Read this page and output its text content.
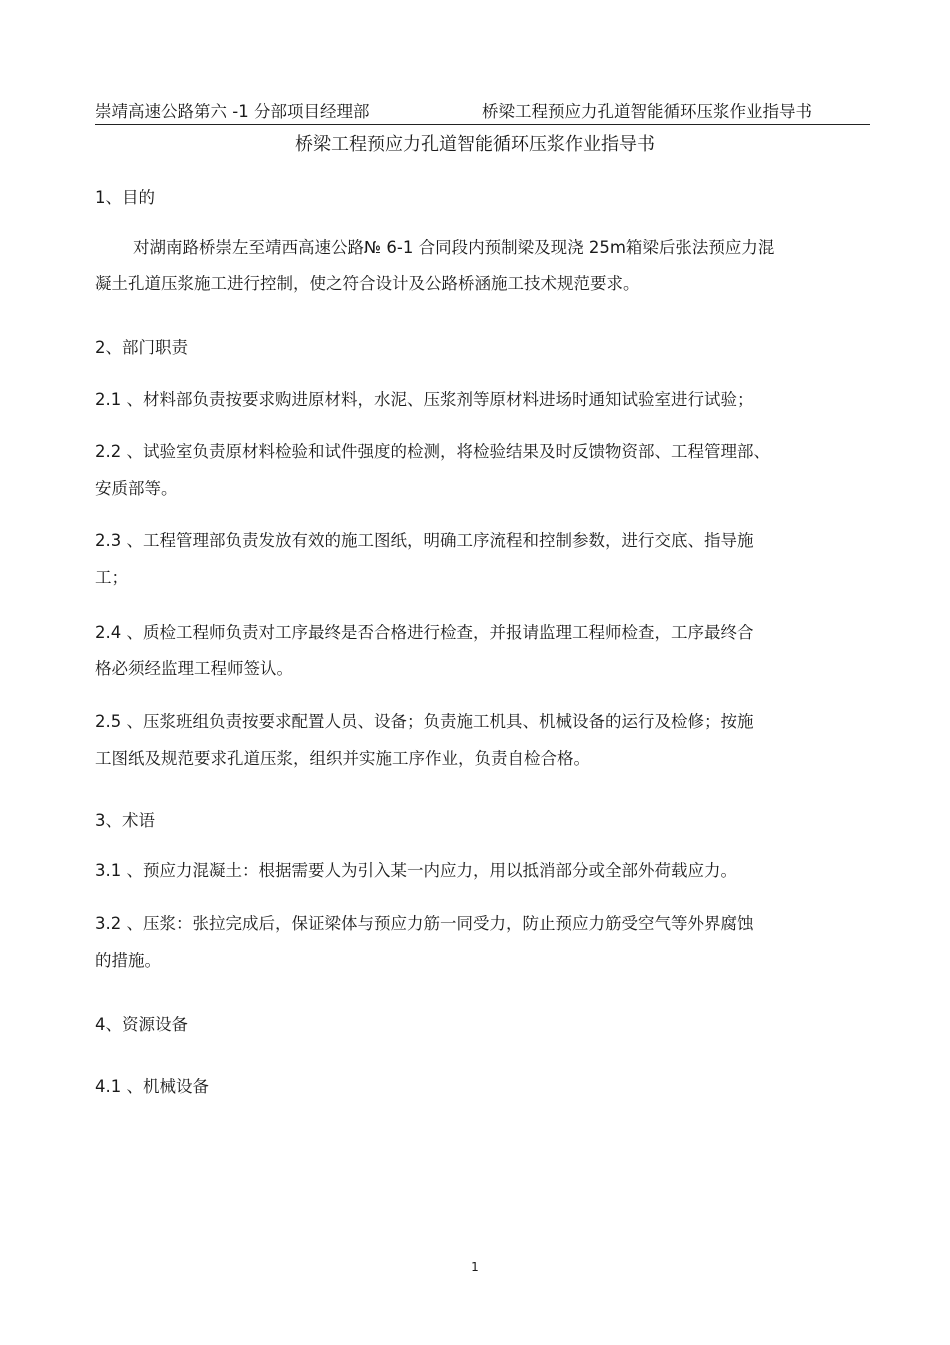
崇靖高速公路第六 -1 分部项目经理部	桥梁工程预应力孔道智能循环压浆作业指导书
桥梁工程预应力孔道智能循环压浆作业指导书
1、目的
对湖南路桥崇左至靖西高速公路№ 6-1 合同段内预制梁及现浇 25m箱梁后张法预应力混
凝土孔道压浆施工进行控制，使之符合设计及公路桥涵施工技术规范要求。
2、部门职责
2.1 、材料部负责按要求购进原材料，水泥、压浆剂等原材料进场时通知试验室进行试验；
2.2 、试验室负责原材料检验和试件强度的检测，将检验结果及时反馈物资部、工程管理部、
安质部等。
2.3 、工程管理部负责发放有效的施工图纸，明确工序流程和控制参数，进行交底、指导施
工；
2.4 、质检工程师负责对工序最终是否合格进行检查，并报请监理工程师检查，工序最终合
格必须经监理工程师签认。
2.5 、压浆班组负责按要求配置人员、设备；负责施工机具、机械设备的运行及检修；按施
工图纸及规范要求孔道压浆，组织并实施工序作业，负责自检合格。
3、术语
3.1 、预应力混凝土：根据需要人为引入某一内应力，用以抵消部分或全部外荷载应力。
3.2 、压浆：张拉完成后，保证梁体与预应力筋一同受力，防止预应力筋受空气等外界腐蚀
的措施。
4、资源设备
4.1 、机械设备
1
